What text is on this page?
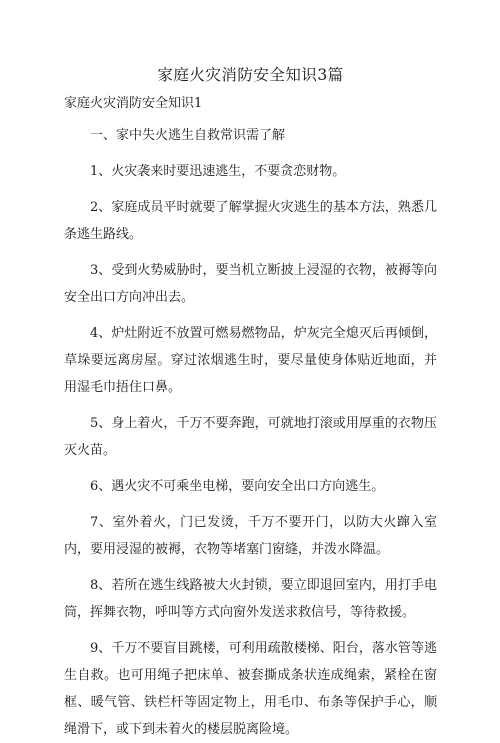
家庭火灾消防安全知识3篇
家庭火灾消防安全知识1

一、家中失火逃生自救常识需了解

1、火灾袭来时要迅速逃生，不要贪恋财物。

2、家庭成员平时就要了解掌握火灾逃生的基本方法，熟悉几条逃生路线。

3、受到火势威胁时，要当机立断披上浸湿的衣物，被褥等向安全出口方向冲出去。

4、炉灶附近不放置可燃易燃物品，炉灰完全熄灭后再倾倒，草垛要远离房屋。穿过浓烟逃生时，要尽量使身体贴近地面，并用湿毛巾捂住口鼻。

5、身上着火，千万不要奔跑，可就地打滚或用厚重的衣物压灭火苗。

6、遇火灾不可乘坐电梯，要向安全出口方向逃生。

7、室外着火，门已发烫，千万不要开门，以防大火蹿入室内，要用浸湿的被褥，衣物等堵塞门窗缝，并泼水降温。

8、若所在逃生线路被大火封锁，要立即退回室内，用打手电筒，挥舞衣物，呼叫等方式向窗外发送求救信号，等待救援。

9、千万不要盲目跳楼，可利用疏散楼梯、阳台，落水管等逃生自救。也可用绳子把床单、被套撕成条状连成绳索，紧栓在窗框、暖气管、铁栏杆等固定物上，用毛巾、布条等保护手心，顺绳滑下，或下到未着火的楼层脱离险境。
